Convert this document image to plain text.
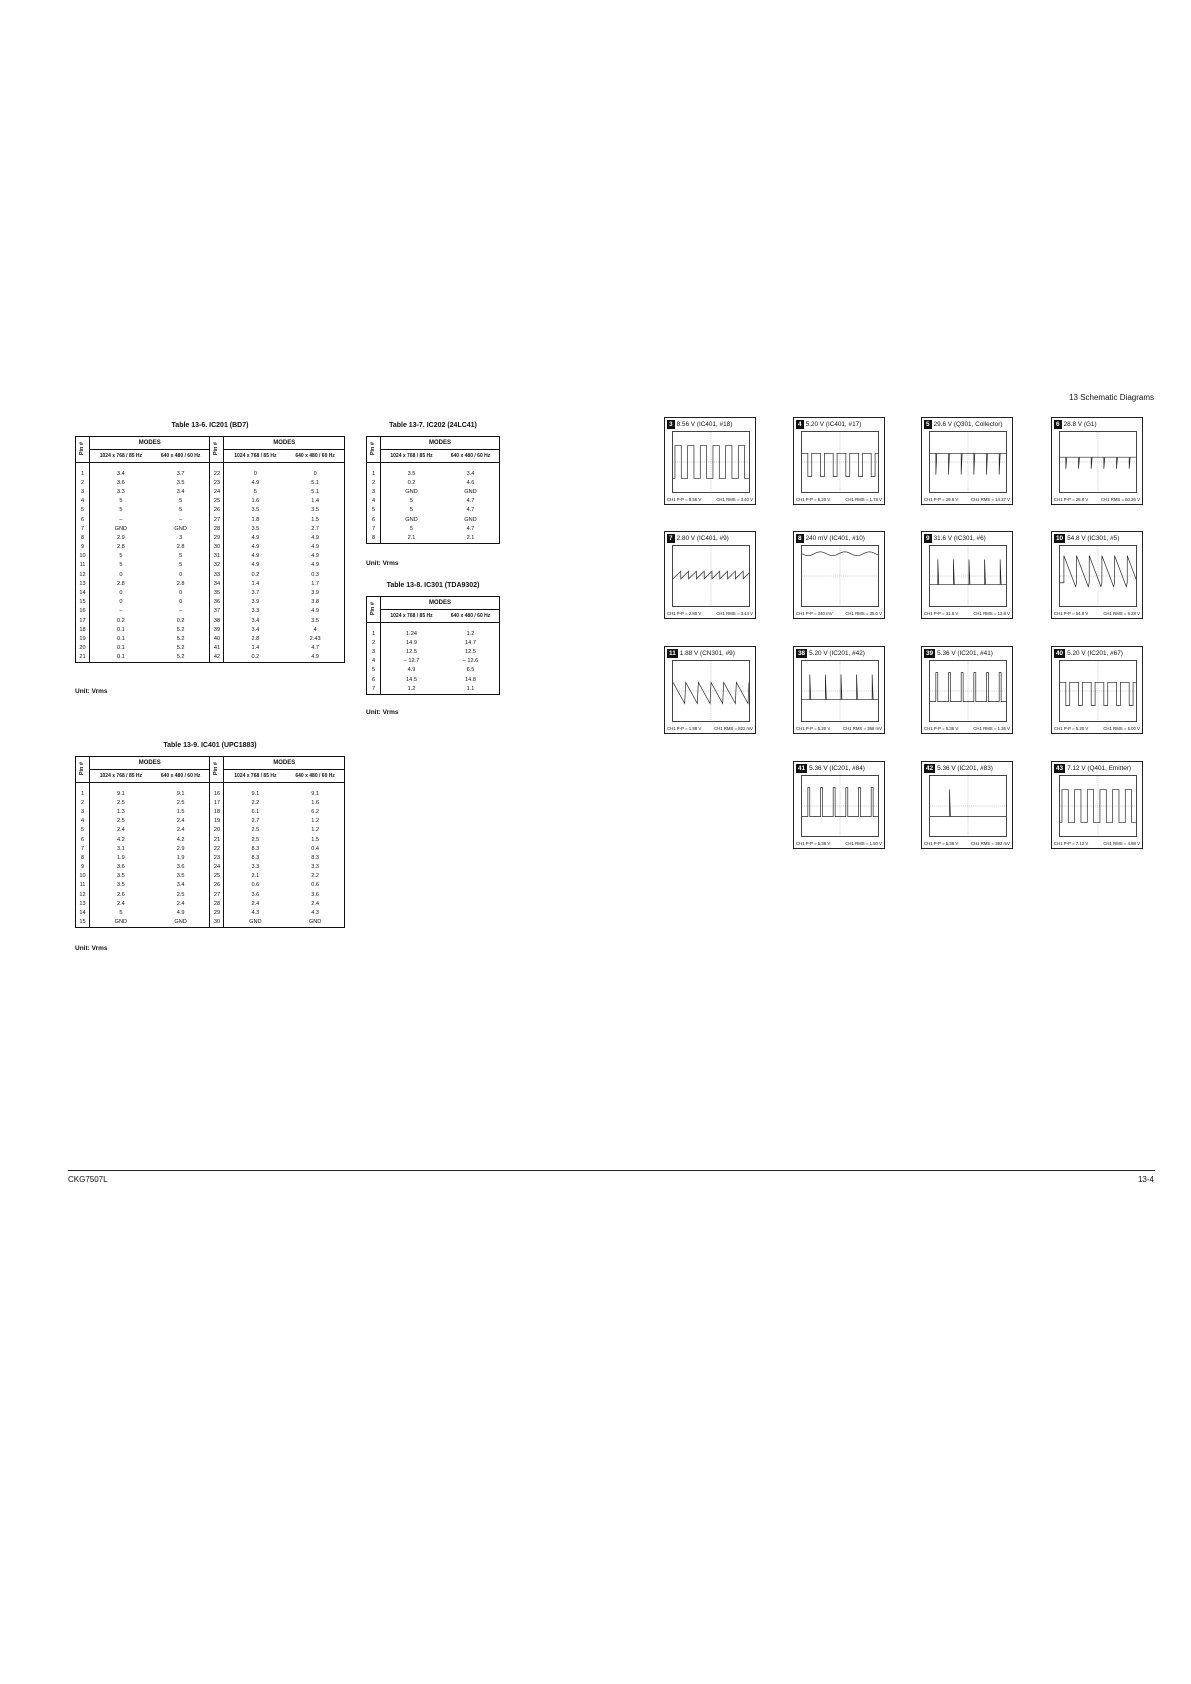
13 Schematic Diagrams
Table 13-6. IC201 (BD7)
Pin #	MODES		Pin #	MODES	
	1024 x 768 / 85 Hz	640 x 480 / 60 Hz		1024 x 768 / 85 Hz	640 x 480 / 60 Hz

1	3.4	3.7	22	0	0
2	3.6	3.5	23	4.9	5.1
3	3.3	3.4	24	5	5.1
4	5	5	25	1.6	1.4
5	5	5	26	3.5	3.5
6	–	–	27	1.8	1.5
7	GND	GND	28	3.5	2.7
8	2.9	3	29	4.9	4.9
9	2.8	2.8	30	4.9	4.9
10	5	5	31	4.9	4.9
11	5	5	32	4.9	4.9
12	0	0	33	0.2	0.3
13	2.8	2.8	34	1.4	1.7
14	0	0	35	3.7	3.9
15	0	0	36	3.9	3.8
16	–	–	37	3.3	4.9
17	0.2	0.2	38	3.4	3.5
18	0.1	5.2	39	3.4	4
19	0.1	5.2	40	2.8	2.43
20	0.1	5.2	41	1.4	4.7
21	0.1	5.2	42	0.2	4.9
Unit: Vrms
Table 13-7. IC202 (24LC41)
Pin #	MODES	
	1024 x 768 / 85 Hz	640 x 480 / 60 Hz

1	3.5	3.4
2	0.2	4.6
3	GND	GND
4	5	4.7
5	5	4.7
6	GND	GND
7	5	4.7
8	2.1	2.1
Unit: Vrms
Table 13-8. IC301 (TDA9302)
Pin #	MODES	
	1024 x 768 / 85 Hz	640 x 480 / 60 Hz

1	1.24	1.2
2	14.9	14.7
3	12.5	12.5
4	– 12.7	– 12.6
5	4.9	6.5
6	14.5	14.8
7	1.2	1.1
Unit: Vrms
Table 13-9. IC401 (UPC1883)
Pin #	MODES		Pin #	MODES	
	1024 x 768 / 85 Hz	640 x 480 / 60 Hz		1024 x 768 / 85 Hz	640 x 480 / 60 Hz

1	9.1	9.1	16	9.1	9.1
2	2.5	2.5	17	2.2	1.6
3	1.3	1.5	18	6.1	6.2
4	2.5	2.4	19	2.7	1.2
5	2.4	2.4	20	2.5	1.2
6	4.2	4.2	21	2.5	1.5
7	3.1	2.9	22	8.3	0.4
8	1.9	1.9	23	8.3	8.3
9	3.6	3.6	24	3.3	3.3
10	3.5	3.5	25	2.1	2.2
11	3.5	3.4	26	0.6	0.6
12	2.6	2.5	27	3.6	3.6
13	2.4	2.4	28	2.4	2.4
14	5	4.9	29	4.3	4.3
15	GND	GND	30	GND	GND
Unit: Vrms
3 8.56 V (IC401, #18)
CH1 P-P = 8.56 V	CH1 RMS = 3.40 V
4 5.20 V (IC401, #17)
CH1 P-P = 5.20 V	CH1 RMS = 1.78 V
5 29.6 V (Q301, Collector)
CH1 P-P = 29.6 V	CH1 RMS = 14.37 V
6 28.8 V (G1)
CH1 P-P = 28.8 V	CH1 RMS = 60.26 V
7 2.80 V (IC401, #9)
CH1 P-P = 2.80 V	CH1 RMS = 3.44 V
8 240 mV (IC401, #10)
CH1 P-P = 240 mV	CH1 RMS = 35.0 V
9 31.6 V (IC301, #6)
CH1 P-P = 31.6 V	CH1 RMS = 12.8 V
10 54.8 V (IC301, #5)
CH1 P-P = 54.8 V	CH1 RMS = 6.28 V
11 1.88 V (CN301, #9)
CH1 P-P = 1.88 V	CH1 RMS = 822 mV
38 5.20 V (IC201, #42)
CH1 P-P = 5.20 V	CH1 RMS = 368 mV
39 5.36 V (IC201, #41)
CH1 P-P = 5.36 V	CH1 RMS = 1.36 V
40 5.20 V (IC201, #67)
CH1 P-P = 5.20 V	CH1 RMS = 5.00 V
41 5.36 V (IC201, #84)
CH1 P-P = 5.36 V	CH1 RMS = 1.50 V
42 5.36 V (IC201, #83)
CH1 P-P = 5.36 V	CH1 RMS = 392 mV
43 7.12 V (Q401, Emitter)
CH1 P-P = 7.12 V	CH1 RMS = 4.88 V
CKG7507L	13-4
